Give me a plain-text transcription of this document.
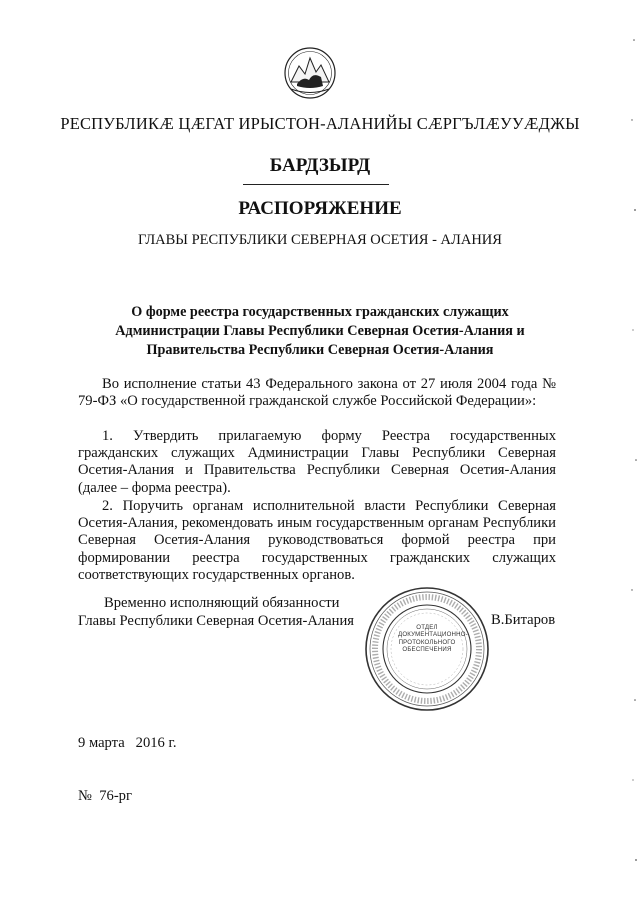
РЕСПУБЛИКÆ ЦÆГАТ ИРЫСТОН-АЛАНИЙЫ СÆРГЪЛÆУУÆДЖЫ
БАРДЗЫРД
РАСПОРЯЖЕНИЕ
ГЛАВЫ РЕСПУБЛИКИ СЕВЕРНАЯ ОСЕТИЯ - АЛАНИЯ
О форме реестра государственных гражданских служащих
Администрации Главы Республики Северная Осетия-Алания и
Правительства Республики Северная Осетия-Алания

Во исполнение статьи 43 Федерального закона от 27 июля 2004 года № 79-ФЗ «О государственной гражданской службе Российской Федерации»:

1. Утвердить прилагаемую форму Реестра государственных гражданских служащих Администрации Главы Республики Северная Осетия-Алания и Правительства Республики Северная Осетия-Алания (далее – форма реестра).

2. Поручить органам исполнительной власти Республики Северная Осетия-Алания, рекомендовать иным государственным органам Республики Северная Осетия-Алания руководствоваться формой реестра при формировании реестра государственных гражданских служащих соответствующих государственных органов.

Временно исполняющий обязанности
Главы Республики Северная Осетия-Алания	ОТДЕЛ
ДОКУМЕНТАЦИОННО-
ПРОТОКОЛЬНОГО
ОБЕСПЕЧЕНИЯ
В.Битаров
9 марта   2016 г.
№  76-рг
